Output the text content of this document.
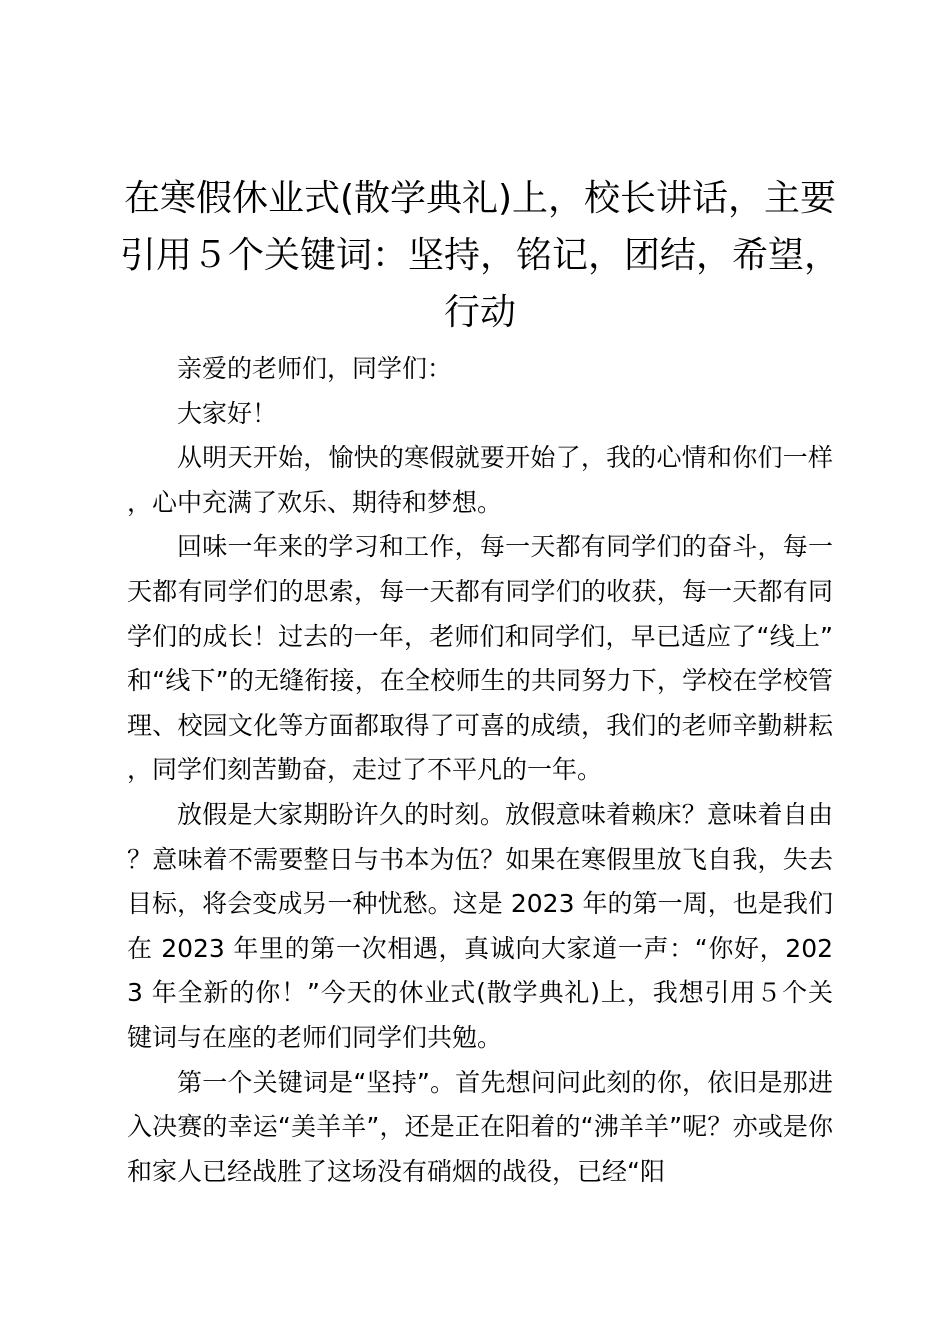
在寒假休业式(散学典礼)上，校长讲话，主要引用５个关键词：坚持，铭记，团结，希望，行动

亲爱的老师们，同学们：

大家好！

从明天开始，愉快的寒假就要开始了，我的心情和你们一样，心中充满了欢乐、期待和梦想。

回味一年来的学习和工作，每一天都有同学们的奋斗，每一天都有同学们的思索，每一天都有同学们的收获，每一天都有同学们的成长！过去的一年，老师们和同学们，早已适应了“线上”和“线下”的无缝衔接，在全校师生的共同努力下，学校在学校管理、校园文化等方面都取得了可喜的成绩，我们的老师辛勤耕耘，同学们刻苦勤奋，走过了不平凡的一年。

放假是大家期盼许久的时刻。放假意味着赖床？意味着自由？意味着不需要整日与书本为伍？如果在寒假里放飞自我，失去目标，将会变成另一种忧愁。这是 2023 年的第一周，也是我们在 2023 年里的第一次相遇，真诚向大家道一声：“你好，2023 年全新的你！”今天的休业式(散学典礼)上，我想引用５个关键词与在座的老师们同学们共勉。

第一个关键词是“坚持”。首先想问问此刻的你，依旧是那进入决赛的幸运“美羊羊”，还是正在阳着的“沸羊羊”呢？亦或是你和家人已经战胜了这场没有硝烟的战役，已经“阳
